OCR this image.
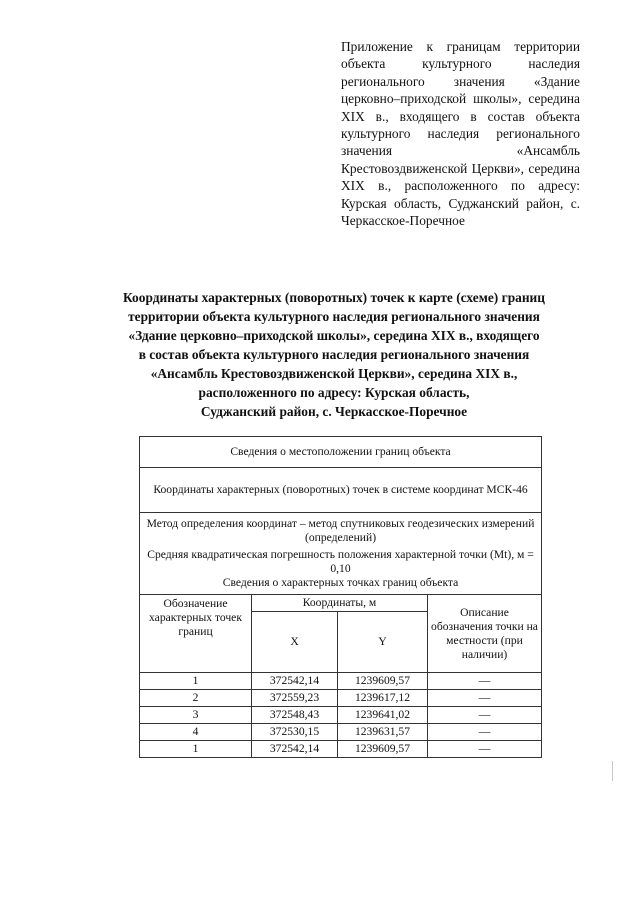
Приложение к границам территории объекта культурного наследия регионального значения «Здание церковно–приходской школы», середина XIX в., входящего в состав объекта культурного наследия регионального значения «Ансамбль Крестовоздвиженской Церкви», середина XIX в., расположенного по адресу: Курская область, Суджанский район, с. Черкасское-Поречное
Координаты характерных (поворотных) точек к карте (схеме) границ
территории объекта культурного наследия регионального значения
«Здание церковно–приходской школы», середина XIX в., входящего
в состав объекта культурного наследия регионального значения
«Ансамбль Крестовоздвиженской Церкви», середина XIX в.,
расположенного по адресу: Курская область,
Суджанский район, с. Черкасское-Поречное
Сведения о местоположении границ объекта			
Координаты характерных (поворотных) точек в системе координат МСК-46			

Метод определения координат – метод спутниковых геодезических измерений (определений)
Средняя квадратическая погрешность положения характерной точки (Mt), м = 0,10
Сведения о характерных точках границ объекта			

Обозначение характерных точек границ	Координаты, м		Описание обозначения точки на местности (при наличии)
	X	Y	
1	372542,14	1239609,57	—
2	372559,23	1239617,12	—
3	372548,43	1239641,02	—
4	372530,15	1239631,57	—
1	372542,14	1239609,57	—
